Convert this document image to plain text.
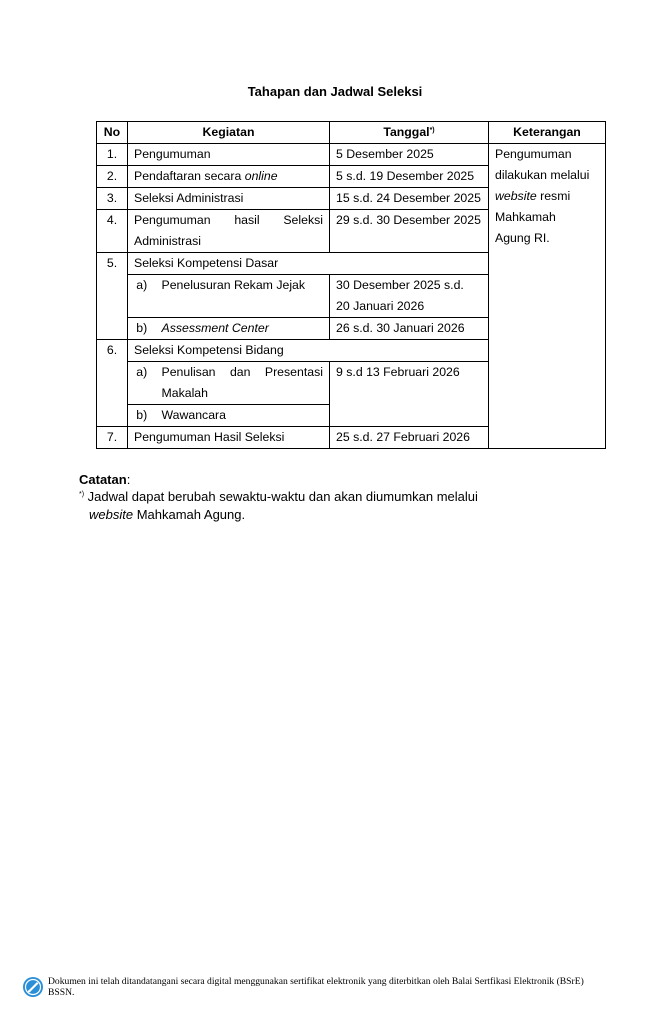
Tahapan dan Jadwal Seleksi
No	Kegiatan		Tanggal*)	Keterangan
1.	Pengumuman		5 Desember 2025	Pengumuman
dilakukan melalui
website resmi
Mahkamah
Agung RI.

2.	Pendaftaran secara online		5 s.d. 19 Desember 2025	
3.	Seleksi Administrasi		15 s.d. 24 Desember 2025	
4.	Pengumuman hasil Seleksi		29 s.d. 30 Desember 2025	
	Administrasi			
5.	Seleksi Kompetensi Dasar			
	a)	Penelusuran Rekam Jejak	30 Desember 2025 s.d.	
			20 Januari 2026	
	b)	Assessment Center	26 s.d. 30 Januari 2026	
6.	Seleksi Kompetensi Bidang			
	a)	Penulisan dan Presentasi	9 s.d 13 Februari 2026	
		Makalah		
	b)	Wawancara		
7.	Pengumuman Hasil Seleksi		25 s.d. 27 Februari 2026	
Catatan:
*) Jadwal dapat berubah sewaktu-waktu dan akan diumumkan melalui
website Mahkamah Agung.
Dokumen ini telah ditandatangani secara digital menggunakan sertifikat elektronik yang diterbitkan oleh Balai Sertfikasi Elektronik (BSrE)
BSSN.
